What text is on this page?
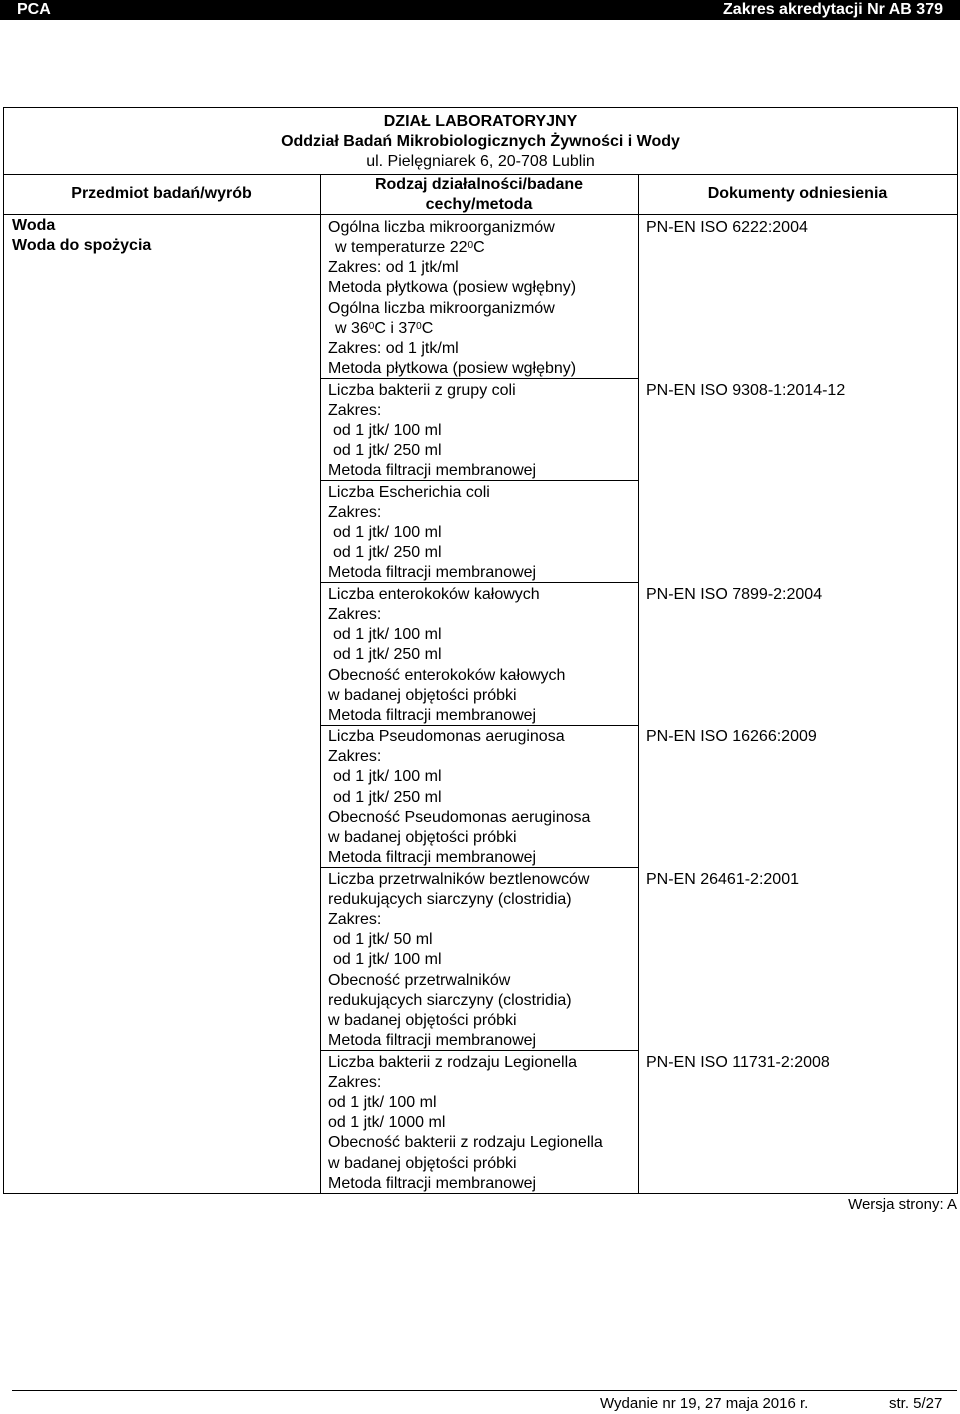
PCA	Zakres akredytacji Nr AB 379
DZIAŁ LABORATORYJNY
Oddział Badań Mikrobiologicznych Żywności i Wody
ul. Pielęgniarek 6, 20-708 Lublin
Przedmiot badań/wyrób
Rodzaj działalności/badane
cechy/metoda
Dokumenty odniesienia
Woda
Woda do spożycia
Ogólna liczba mikroorganizmów
w temperaturze $22^0C$
Zakres: od 1 jtk/ml
Metoda płytkowa (posiew wgłębny)
PN-EN ISO 6222:2004
Ogólna liczba mikroorganizmów
w $36^0C$ i $37^0C$
Zakres: od 1 jtk/ml
Metoda płytkowa (posiew wgłębny)
Liczba bakterii z grupy coli
Zakres:
od 1 jtk/ 100 ml
od 1 jtk/ 250 ml
Metoda filtracji membranowej
PN-EN ISO 9308-1:2014-12
Liczba Escherichia coli
Zakres:
od 1 jtk/ 100 ml
od 1 jtk/ 250 ml
Metoda filtracji membranowej
Liczba enterokoków kałowych
Zakres:
od 1 jtk/ 100 ml
od 1 jtk/ 250 ml
Obecność enterokoków kałowych
w badanej objętości próbki
Metoda filtracji membranowej
PN-EN ISO 7899-2:2004
Liczba Pseudomonas aeruginosa
Zakres:
od 1 jtk/ 100 ml
od 1 jtk/ 250 ml
Obecność Pseudomonas aeruginosa
w badanej objętości próbki
Metoda filtracji membranowej
PN-EN ISO 16266:2009
Liczba przetrwalników beztlenowców
redukujących siarczyny (clostridia)
Zakres:
od 1 jtk/ 50 ml
od 1 jtk/ 100 ml
Obecność przetrwalników
redukujących siarczyny (clostridia)
w badanej objętości próbki
Metoda filtracji membranowej
PN-EN 26461-2:2001
Liczba bakterii z rodzaju Legionella
Zakres:
od 1 jtk/ 100 ml
od 1 jtk/ 1000 ml
Obecność bakterii z rodzaju Legionella
w badanej objętości próbki
Metoda filtracji membranowej
PN-EN ISO 11731-2:2008
Wersja strony: A
Wydanie nr 19, 27 maja 2016 r.	str. 5/27
